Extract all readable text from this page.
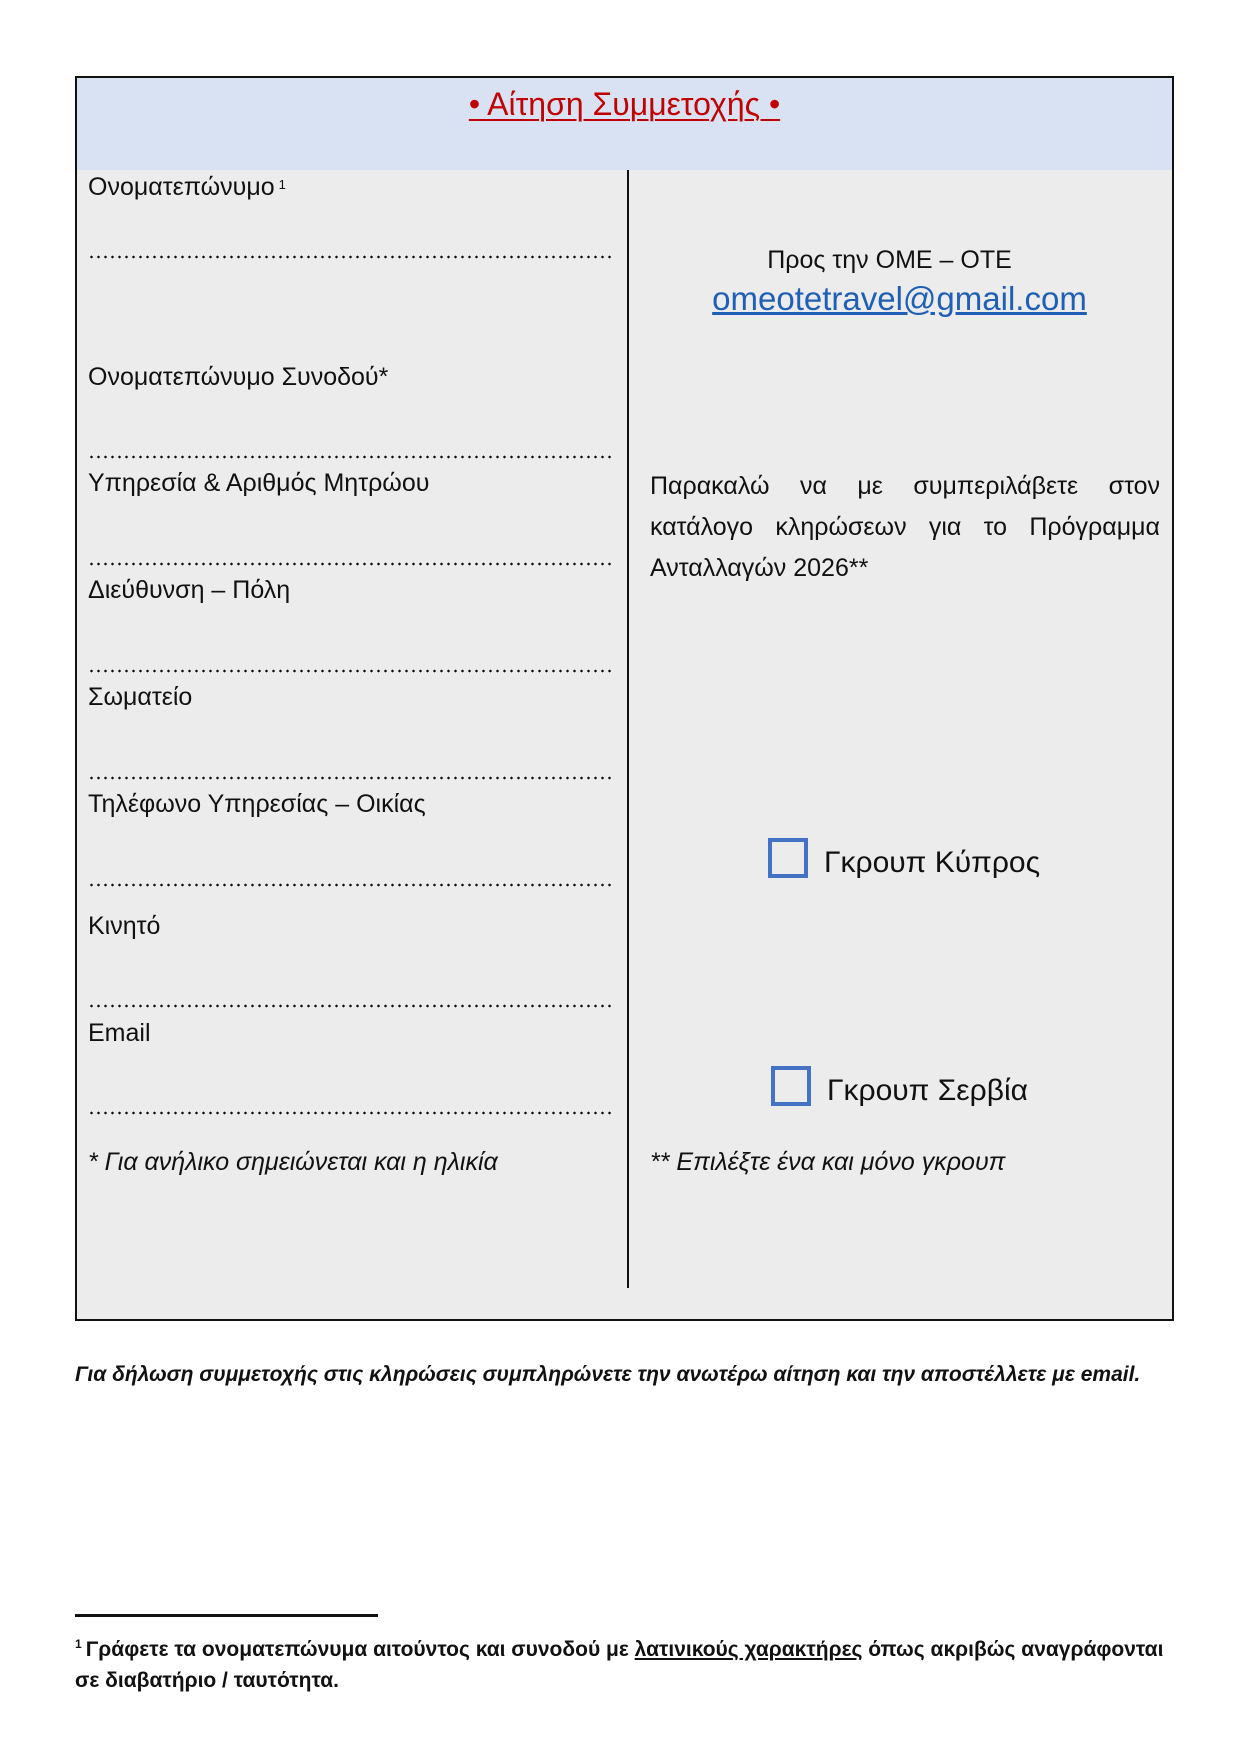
• Αίτηση Συμμετοχής •
Ονοματεπώνυμο $^1$
Ονοματεπώνυμο Συνοδού*
Υπηρεσία & Αριθμός Μητρώου
Διεύθυνση – Πόλη
Σωματείο
Τηλέφωνο Υπηρεσίας – Οικίας
Κινητό
Email
* Για ανήλικο σημειώνεται και η ηλικία
Προς την ΟΜΕ – ΟΤΕ
omeotetravel@gmail.com
Παρακαλώ να με συμπεριλάβετε στον κατάλογο κληρώσεων για το Πρόγραμμα Ανταλλαγών 2026**
Γκρουπ Κύπρος
Γκρουπ Σερβία
** Επιλέξτε ένα και μόνο γκρουπ
Για δήλωση συμμετοχής στις κληρώσεις συμπληρώνετε την ανωτέρω αίτηση και την αποστέλλετε με email.
$^1$ Γράφετε τα ονοματεπώνυμα αιτούντος και συνοδού με λατινικούς χαρακτήρες όπως ακριβώς αναγράφονται σε διαβατήριο / ταυτότητα.
